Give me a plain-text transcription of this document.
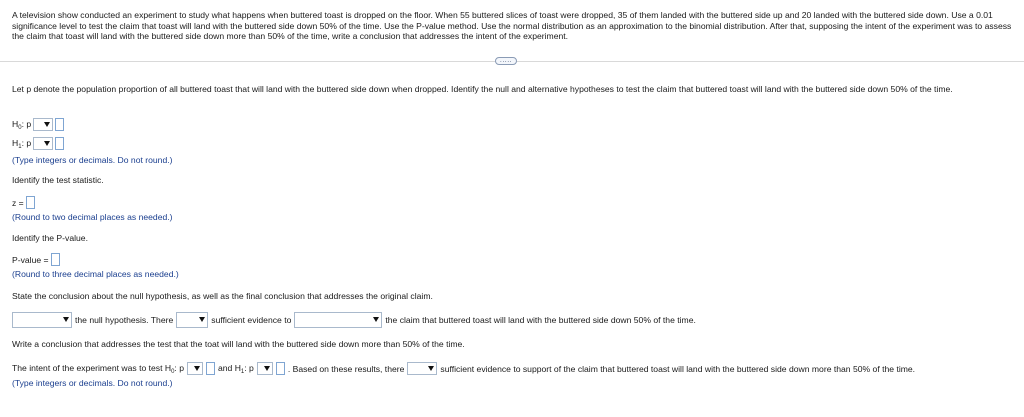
A television show conducted an experiment to study what happens when buttered toast is dropped on the floor. When 55 buttered slices of toast were dropped, 35 of them landed with the buttered side up and 20 landed with the buttered side down. Use a 0.01 significance level to test the claim that toast will land with the buttered side down 50% of the time. Use the P-value method. Use the normal distribution as an approximation to the binomial distribution. After that, supposing the intent of the experiment was to assess the claim that toast will land with the buttered side down more than 50% of the time, write a conclusion that addresses the intent of the experiment.
.....
Let p denote the population proportion of all buttered toast that will land with the buttered side down when dropped. Identify the null and alternative hypotheses to test the claim that buttered toast will land with the buttered side down 50% of the time.
$H_0$: p
$H_1$: p
(Type integers or decimals. Do not round.)
Identify the test statistic.
z =
(Round to two decimal places as needed.)
Identify the P-value.
P-value =
(Round to three decimal places as needed.)
State the conclusion about the null hypothesis, as well as the final conclusion that addresses the original claim.
the null hypothesis. There	sufficient evidence to	the claim that buttered toast will land with the buttered side down 50% of the time.
Write a conclusion that addresses the test that the toat will land with the buttered side down more than 50% of the time.
The intent of the experiment was to test $H_0$: p	and $H_1$: p	. Based on these results, there	sufficient evidence to support of the claim that buttered toast will land with the buttered side down more than 50% of the time.
(Type integers or decimals. Do not round.)
